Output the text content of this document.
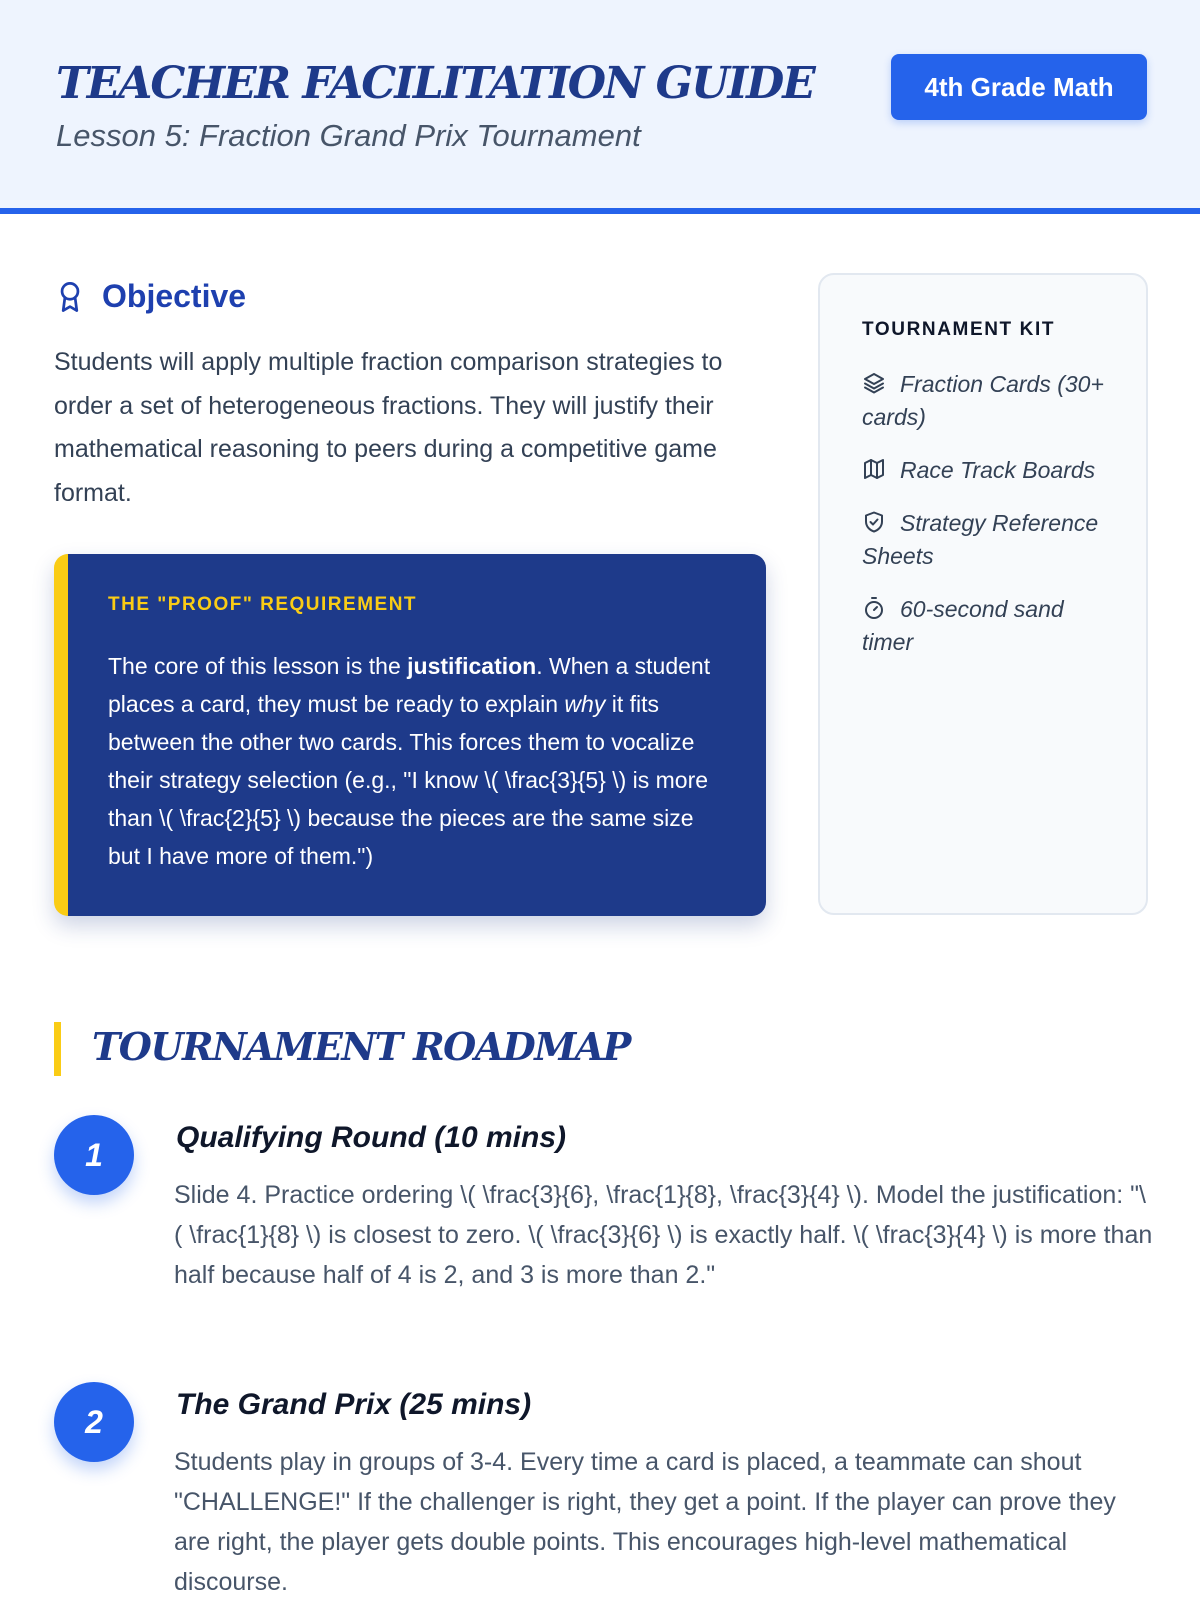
TEACHER FACILITATION GUIDE
Lesson 5: Fraction Grand Prix Tournament
4th Grade Math
Objective

Students will apply multiple fraction comparison strategies to order a set of heterogeneous fractions. They will justify their mathematical reasoning to peers during a competitive game format.

THE "PROOF" REQUIREMENT

The core of this lesson is the justification. When a student places a card, they must be ready to explain why it fits between the other two cards. This forces them to vocalize their strategy selection (e.g., "I know \( \frac{3}{5} \) is more than \( \frac{2}{5} \) because the pieces are the same size but I have more of them.")

TOURNAMENT KIT
Fraction Cards (30+ cards)
Race Track Boards
Strategy Reference Sheets
60-second sand timer
TOURNAMENT ROADMAP
1	Qualifying Round (10 mins)

Slide 4. Practice ordering \( \frac{3}{6}, \frac{1}{8}, \frac{3}{4} \). Model the justification: "\( \frac{1}{8} \) is closest to zero. \( \frac{3}{6} \) is exactly half. \( \frac{3}{4} \) is more than half because half of 4 is 2, and 3 is more than 2."

2	The Grand Prix (25 mins)

Students play in groups of 3-4. Every time a card is placed, a teammate can shout "CHALLENGE!" If the challenger is right, they get a point. If the player can prove they are right, the player gets double points. This encourages high-level mathematical discourse.
